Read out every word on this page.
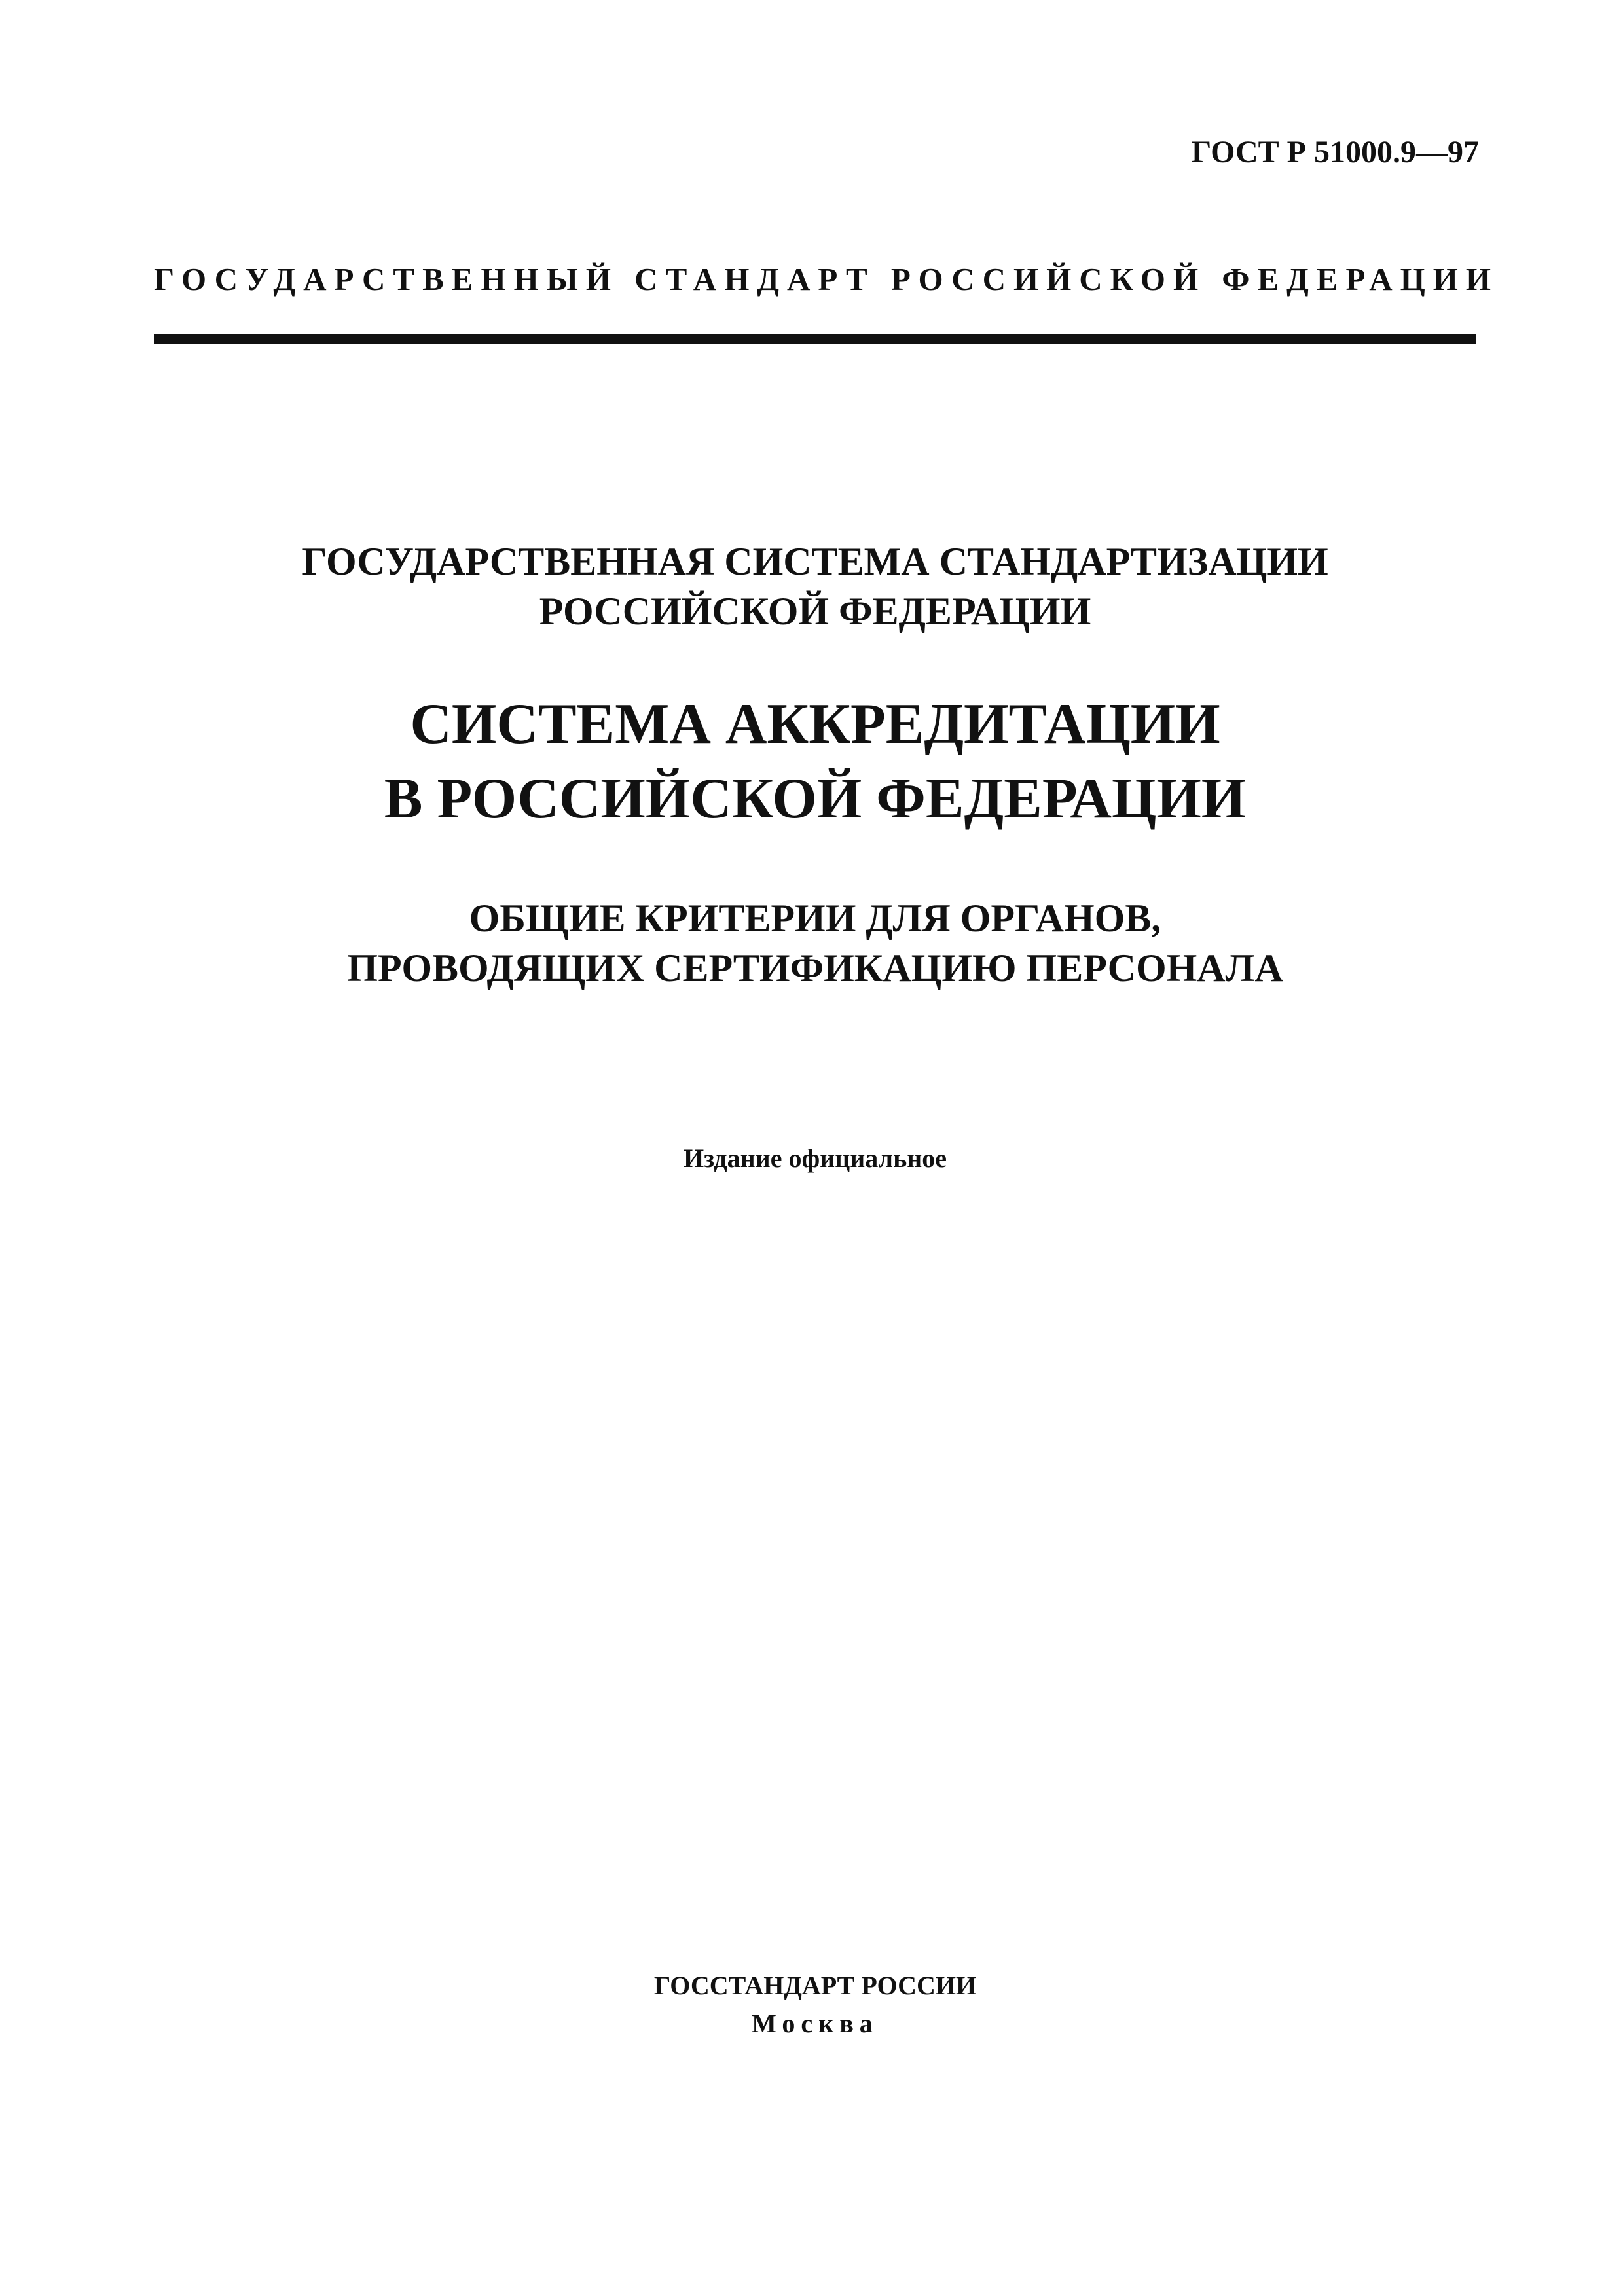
ГОСТ Р 51000.9—97
ГОСУДАРСТВЕННЫЙ СТАНДАРТ РОССИЙСКОЙ ФЕДЕРАЦИИ
ГОСУДАРСТВЕННАЯ СИСТЕМА СТАНДАРТИЗАЦИИ
РОССИЙСКОЙ ФЕДЕРАЦИИ
СИСТЕМА АККРЕДИТАЦИИ
В РОССИЙСКОЙ ФЕДЕРАЦИИ
ОБЩИЕ КРИТЕРИИ ДЛЯ ОРГАНОВ,
ПРОВОДЯЩИХ СЕРТИФИКАЦИЮ ПЕРСОНАЛА
Издание официальное
ГОССТАНДАРТ РОССИИ
Москва
